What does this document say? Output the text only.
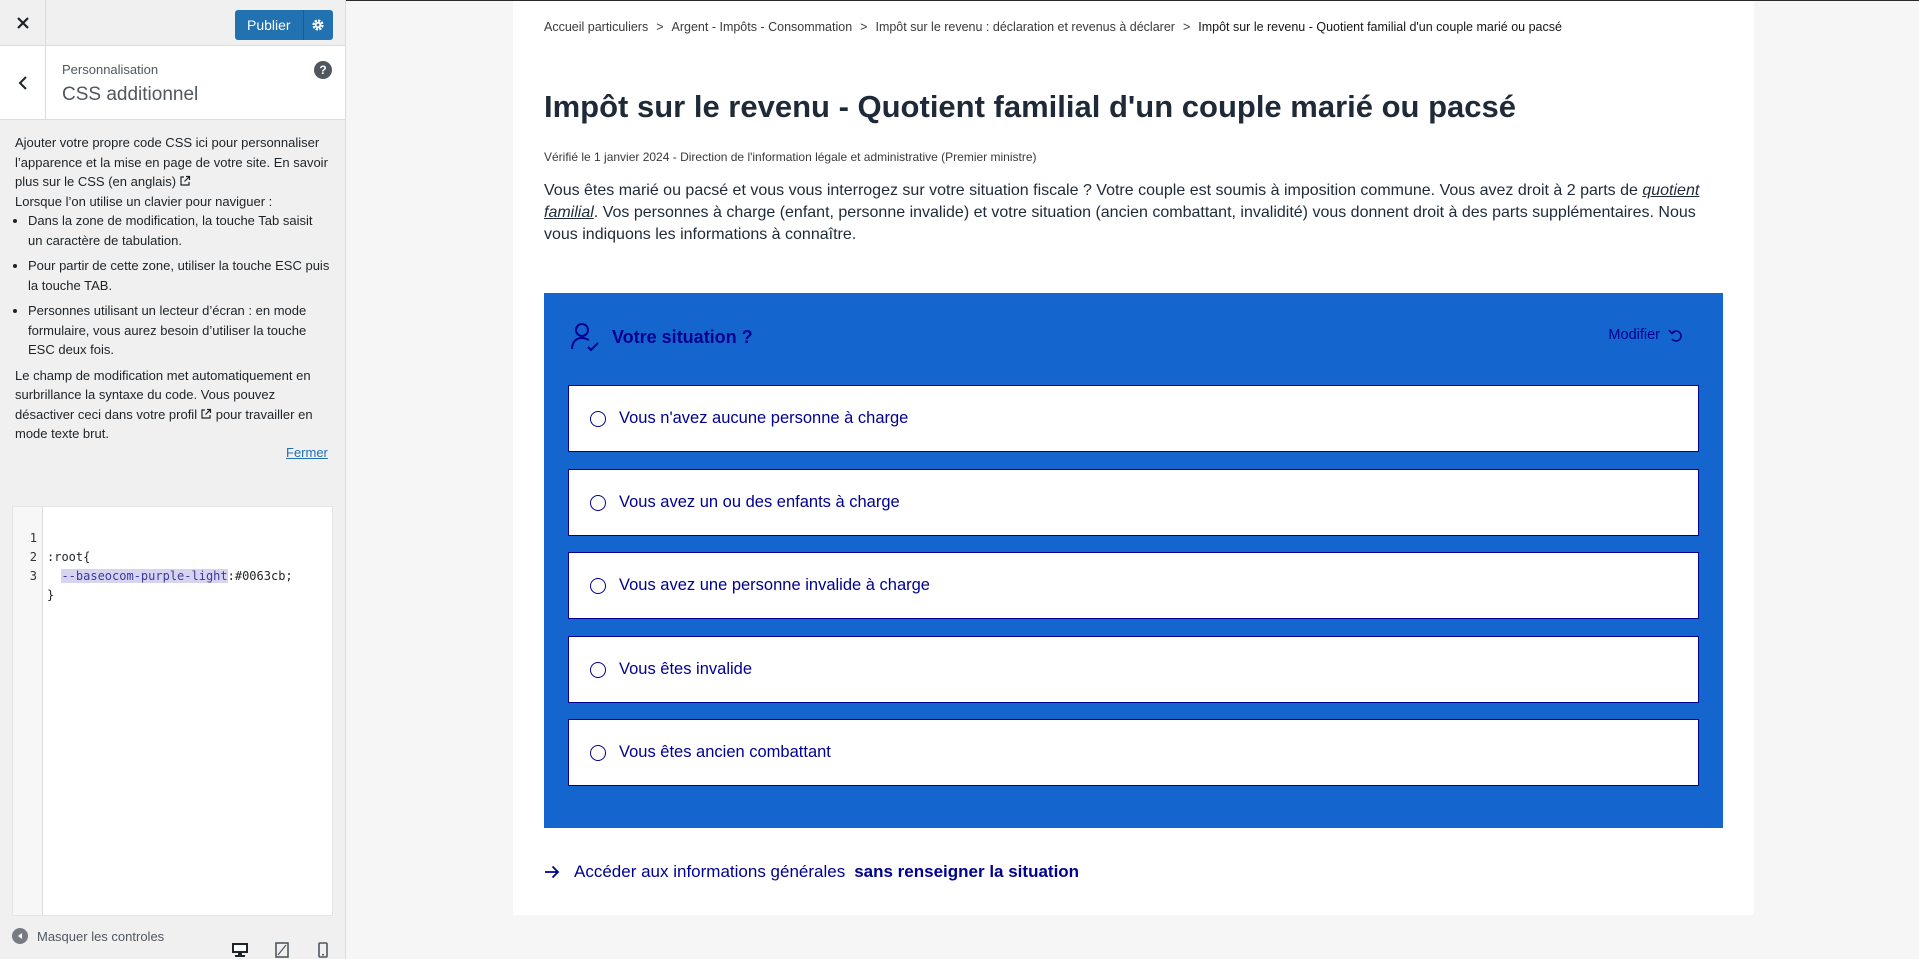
Publier
Personnalisation
CSS additionnel
?

Ajouter votre propre code CSS ici pour personnaliser l’apparence et la mise en page de votre site. En savoir plus sur le CSS (en anglais)

Lorsque l’on utilise un clavier pour naviguer :

• Dans la zone de modification, la touche Tab saisit un caractère de tabulation.
• Pour partir de cette zone, utiliser la touche ESC puis la touche TAB.
• Personnes utilisant un lecteur d’écran : en mode formulaire, vous aurez besoin d’utiliser la touche ESC deux fois.

Le champ de modification met automatiquement en surbrillance la syntaxe du code. Vous pouvez désactiver ceci dans votre profil pour travailler en mode texte brut.

Fermer

1

:root{

2

--baseocom-purple-light:#0063cb;

3

}

Masquer les controles
Accueil particuliers > Argent - Impôts - Consommation > Impôt sur le revenu : déclaration et revenus à déclarer > Impôt sur le revenu - Quotient familial d'un couple marié ou pacsé
Impôt sur le revenu - Quotient familial d'un couple marié ou pacsé
Vérifié le 1 janvier 2024 - Direction de l'information légale et administrative (Premier ministre)

Vous êtes marié ou pacsé et vous vous interrogez sur votre situation fiscale ? Votre couple est soumis à imposition commune. Vous avez droit à 2 parts de quotient familial. Vos personnes à charge (enfant, personne invalide) et votre situation (ancien combattant, invalidité) vous donnent droit à des parts supplémentaires. Nous vous indiquons les informations à connaître.

Votre situation ?	Modifier
Vous n'avez aucune personne à charge
Vous avez un ou des enfants à charge
Vous avez une personne invalide à charge
Vous êtes invalide
Vous êtes ancien combattant
Accéder aux informations générales sans renseigner la situation
